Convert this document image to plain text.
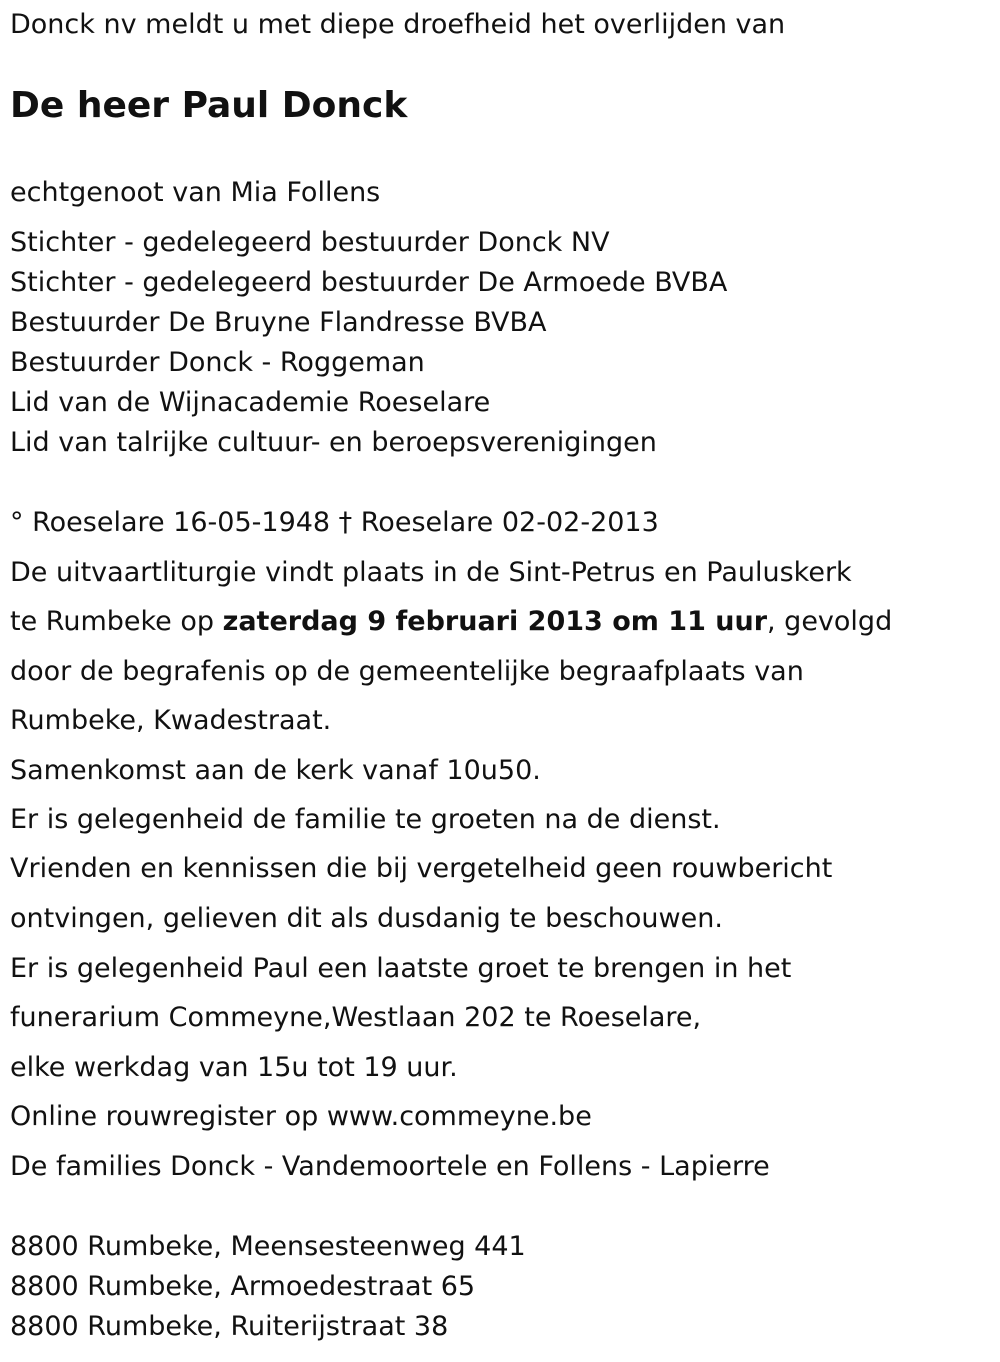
Donck nv meldt u met diepe droefheid het overlijden van
De heer Paul Donck
echtgenoot van Mia Follens
Stichter - gedelegeerd bestuurder Donck NV
Stichter - gedelegeerd bestuurder De Armoede BVBA
Bestuurder De Bruyne Flandresse BVBA
Bestuurder Donck - Roggeman
Lid van de Wijnacademie Roeselare
Lid van talrijke cultuur- en beroepsverenigingen
° Roeselare 16-05-1948 † Roeselare 02-02-2013
De uitvaartliturgie vindt plaats in de Sint-Petrus en Pauluskerk
te Rumbeke op zaterdag 9 februari 2013 om 11 uur, gevolgd
door de begrafenis op de gemeentelijke begraafplaats van
Rumbeke, Kwadestraat.
Samenkomst aan de kerk vanaf 10u50.
Er is gelegenheid de familie te groeten na de dienst.
Vrienden en kennissen die bij vergetelheid geen rouwbericht
ontvingen, gelieven dit als dusdanig te beschouwen.
Er is gelegenheid Paul een laatste groet te brengen in het
funerarium Commeyne,Westlaan 202 te Roeselare,
elke werkdag van 15u tot 19 uur.
Online rouwregister op www.commeyne.be
De families Donck - Vandemoortele en Follens - Lapierre
8800 Rumbeke, Meensesteenweg 441
8800 Rumbeke, Armoedestraat 65
8800 Rumbeke, Ruiterijstraat 38
